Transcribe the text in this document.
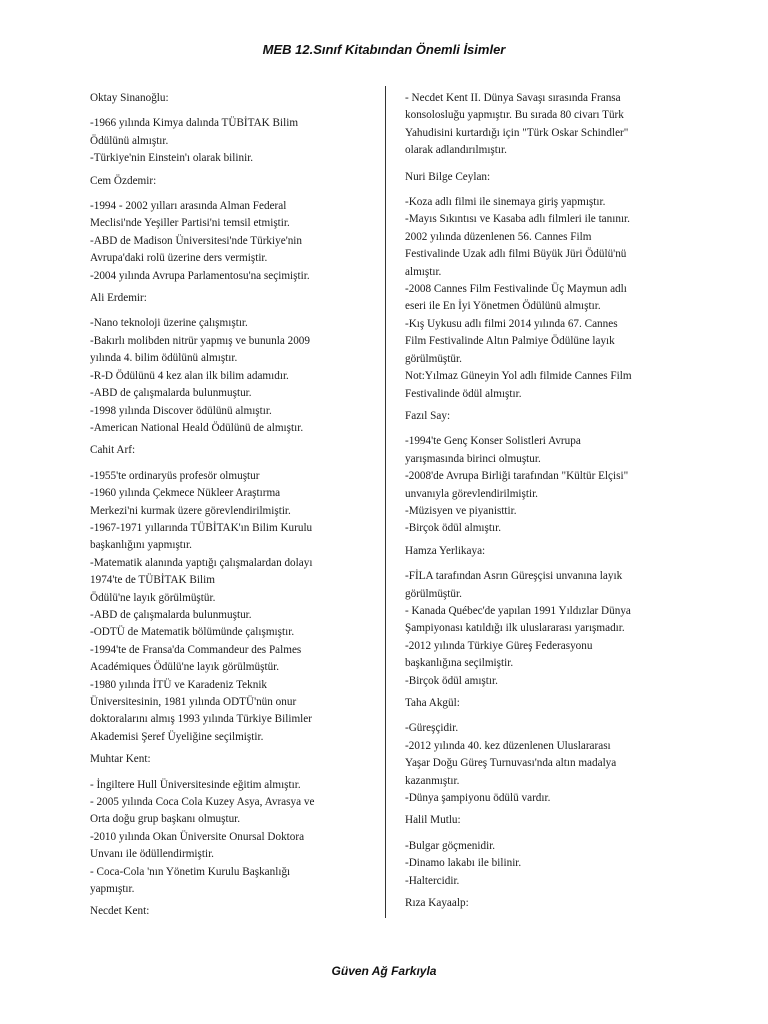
MEB 12.Sınıf Kitabından Önemli İsimler
Oktay Sinanoğlu:
-1966 yılında Kimya dalında TÜBİTAK Bilim
Ödülünü almıştır.
-Türkiye'nin Einstein'ı olarak bilinir.
Cem Özdemir:
-1994 - 2002 yılları arasında Alman Federal
Meclisi'nde Yeşiller Partisi'ni temsil etmiştir.
-ABD de Madison Üniversitesi'nde Türkiye'nin
Avrupa'daki rolü üzerine ders vermiştir.
-2004 yılında Avrupa Parlamentosu'na seçimiştir.
Ali Erdemir:
-Nano teknoloji üzerine çalışmıştır.
-Bakırlı molibden nitrür yapmış ve bununla 2009
yılında 4. bilim ödülünü almıştır.
-R-D Ödülünü 4 kez alan ilk bilim adamıdır.
-ABD de çalışmalarda bulunmuştur.
-1998 yılında Discover ödülünü almıştır.
-American National Heald Ödülünü de almıştır.
Cahit Arf:
-1955'te ordinaryüs profesör olmuştur
-1960 yılında Çekmece Nükleer Araştırma
Merkezi'ni kurmak üzere görevlendirilmiştir.
-1967-1971 yıllarında TÜBİTAK'ın Bilim Kurulu
başkanlığını yapmıştır.
-Matematik alanında yaptığı çalışmalardan dolayı
1974'te de TÜBİTAK Bilim
Ödülü'ne layık görülmüştür.
-ABD de çalışmalarda bulunmuştur.
-ODTÜ de Matematik bölümünde çalışmıştır.
-1994'te de Fransa'da Commandeur des Palmes
Académiques Ödülü'ne layık görülmüştür.
-1980 yılında İTÜ ve Karadeniz Teknik
Üniversitesinin, 1981 yılında ODTÜ'nün onur
doktoralarını almış 1993 yılında Türkiye Bilimler
Akademisi Şeref Üyeliğine seçilmiştir.
Muhtar Kent:
- İngiltere Hull Üniversitesinde eğitim almıştır.
- 2005 yılında Coca Cola Kuzey Asya, Avrasya ve
Orta doğu grup başkanı olmuştur.
-2010 yılında Okan Üniversite Onursal Doktora
Unvanı ile ödüllendirmiştir.
- Coca-Cola 'nın Yönetim Kurulu Başkanlığı
yapmıştır.
Necdet Kent:
- Necdet Kent II. Dünya Savaşı sırasında Fransa
konsolosluğu yapmıştır. Bu sırada 80 civarı Türk
Yahudisini kurtardığı için "Türk Oskar Schindler"
olarak adlandırılmıştır.
Nuri Bilge Ceylan:
-Koza adlı filmi ile sinemaya giriş yapmıştır.
-Mayıs Sıkıntısı ve Kasaba adlı filmleri ile tanınır.
2002 yılında düzenlenen 56. Cannes Film
Festivalinde Uzak adlı filmi Büyük Jüri Ödülü'nü
almıştır.
-2008 Cannes Film Festivalinde Üç Maymun adlı
eseri ile En İyi Yönetmen Ödülünü almıştır.
-Kış Uykusu adlı filmi 2014 yılında 67. Cannes
Film Festivalinde Altın Palmiye Ödülüne layık
görülmüştür.
Not:Yılmaz Güneyin Yol adlı filmide Cannes Film
Festivalinde ödül almıştır.
Fazıl Say:
-1994'te Genç Konser Solistleri Avrupa
yarışmasında birinci olmuştur.
-2008'de Avrupa Birliği tarafından "Kültür Elçisi"
unvanıyla görevlendirilmiştir.
-Müzisyen ve piyanisttir.
-Birçok ödül almıştır.
Hamza Yerlikaya:
-FİLA tarafından Asrın Güreşçisi unvanına layık
görülmüştür.
- Kanada Québec'de yapılan 1991 Yıldızlar Dünya
Şampiyonası katıldığı ilk uluslararası yarışmadır.
-2012 yılında Türkiye Güreş Federasyonu
başkanlığına seçilmiştir.
-Birçok ödül amıştır.
Taha Akgül:
-Güreşçidir.
-2012 yılında 40. kez düzenlenen Uluslararası
Yaşar Doğu Güreş Turnuvası'nda altın madalya
kazanmıştır.
-Dünya şampiyonu ödülü vardır.
Halil Mutlu:
-Bulgar göçmenidir.
-Dinamo lakabı ile bilinir.
-Haltercidir.
Rıza Kayaalp:
Güven Ağ Farkıyla
